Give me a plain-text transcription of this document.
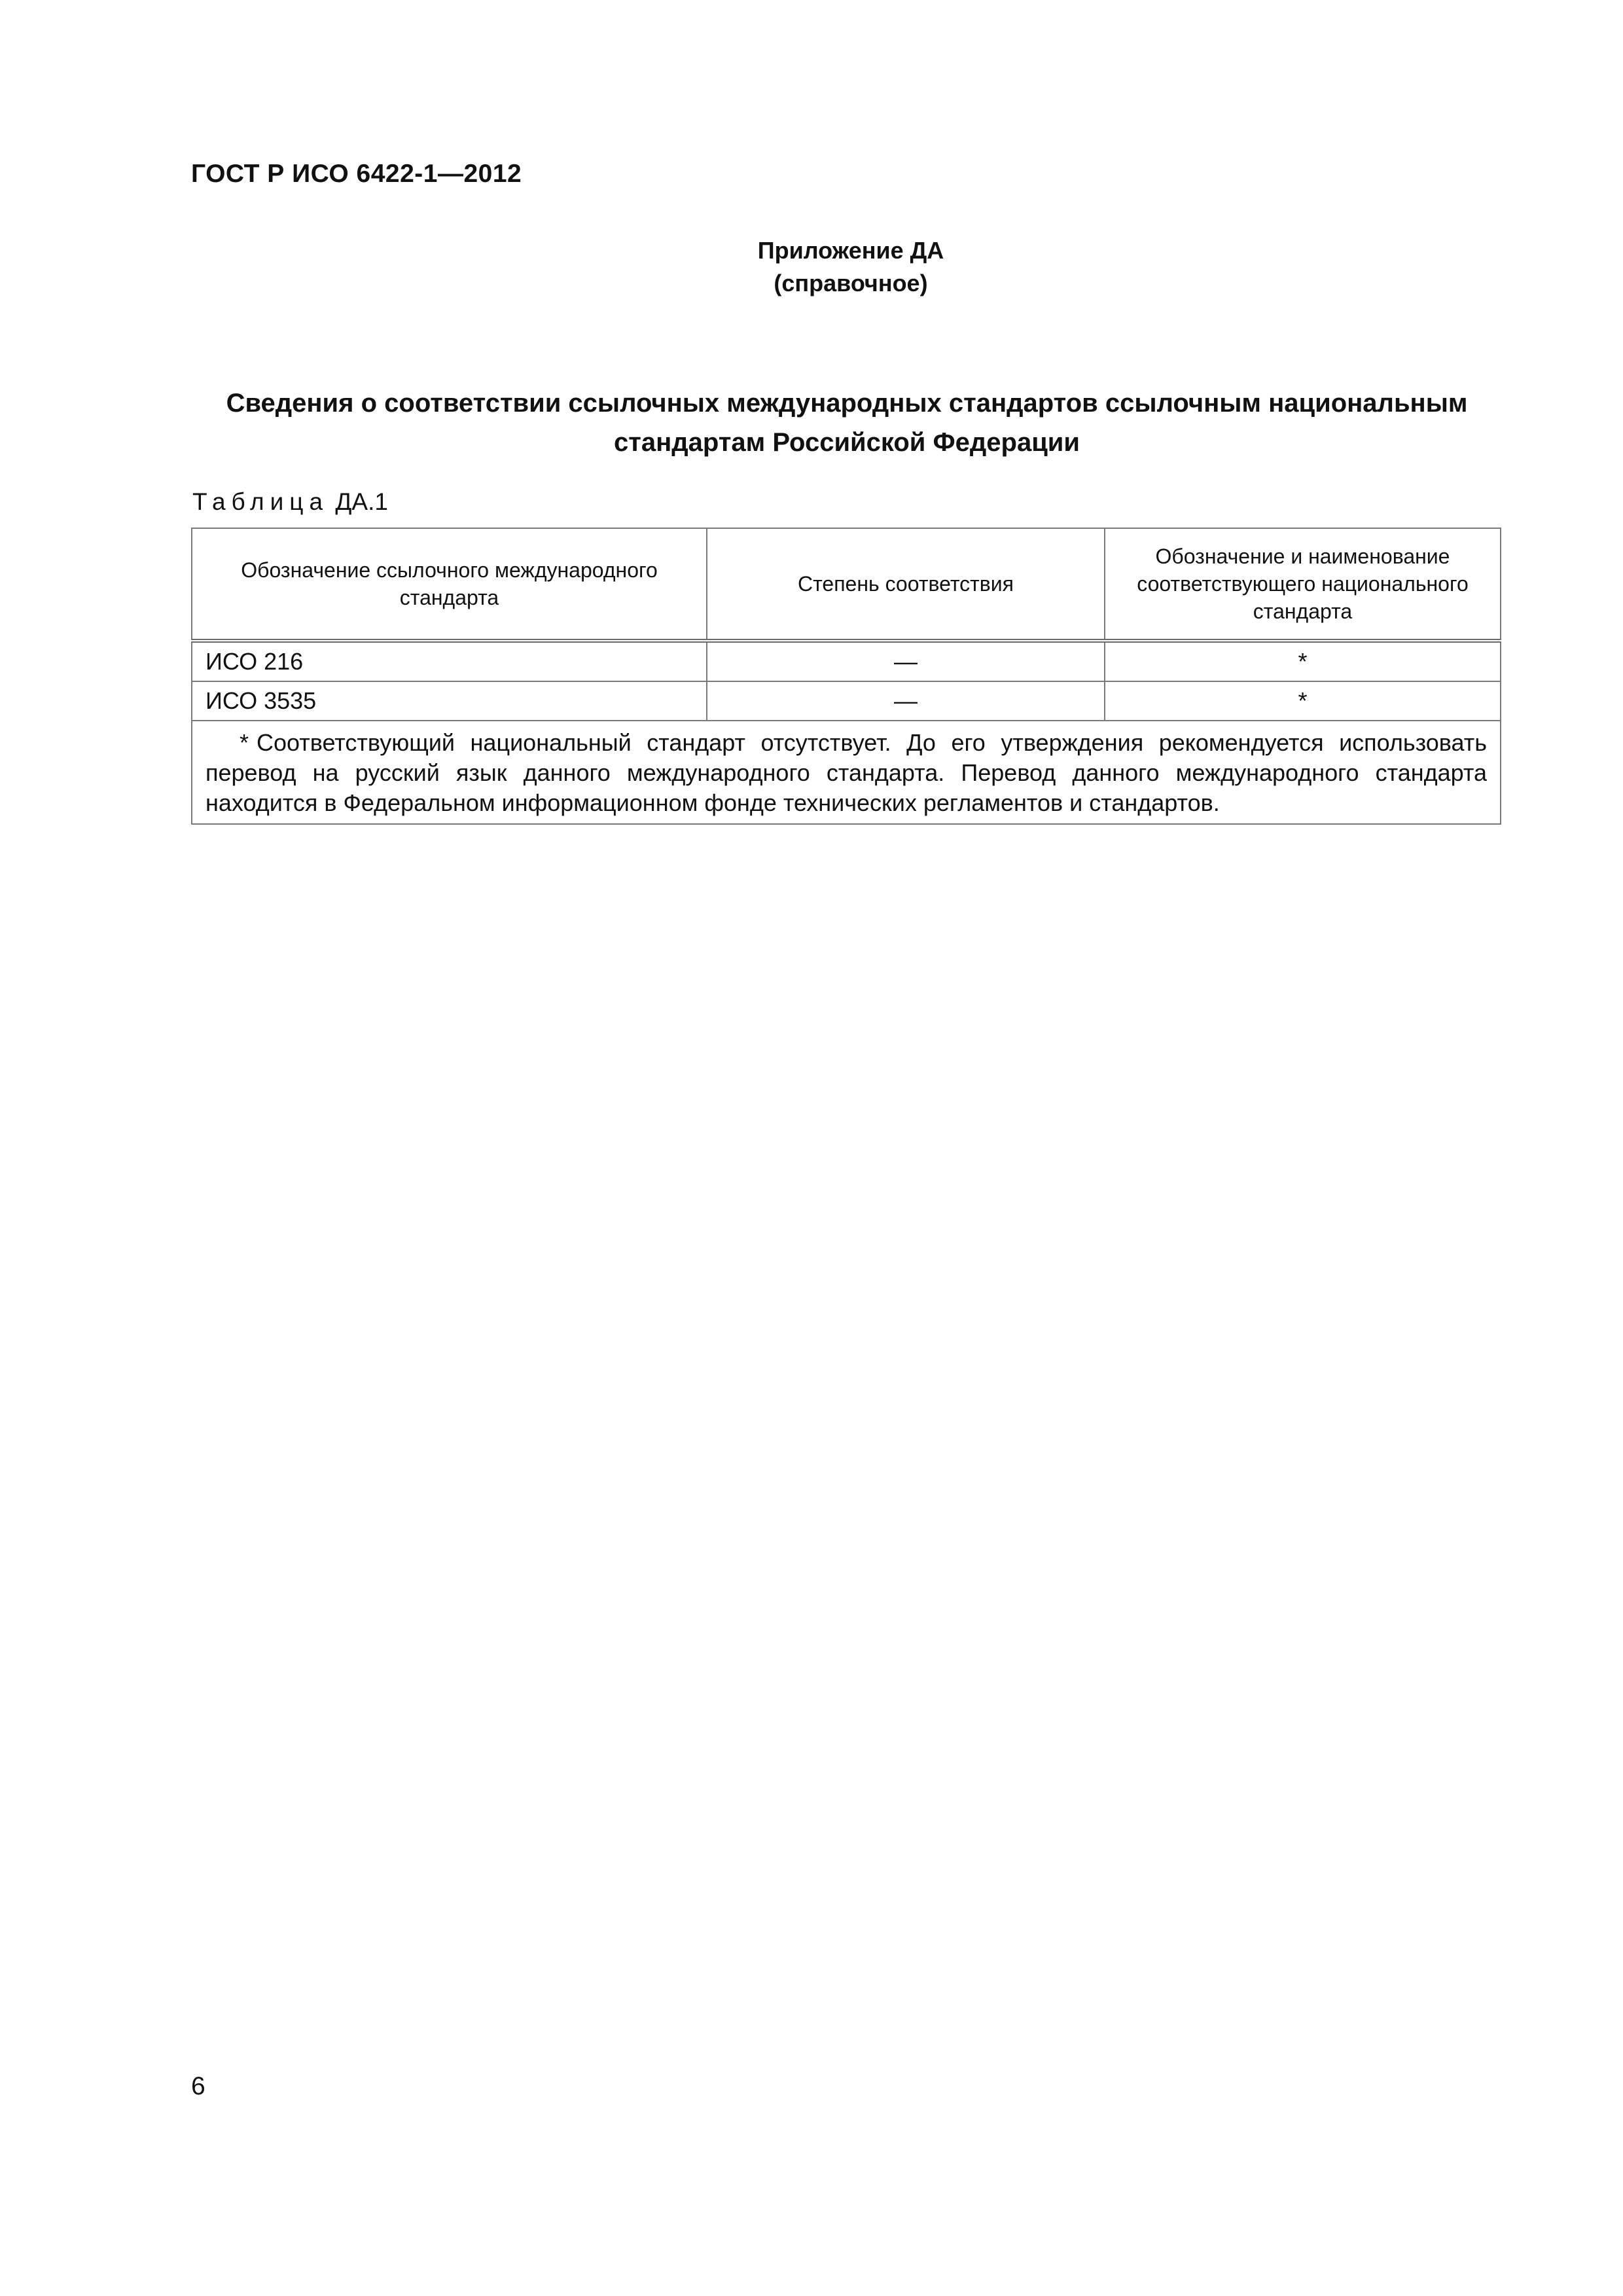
ГОСТ Р ИСО 6422-1—2012
Приложение ДА
(справочное)
Сведения о соответствии ссылочных международных стандартов ссылочным национальным
стандартам Российской Федерации
Таблица ДА.1
Обозначение ссылочного международного стандарта	Степень соответствия	Обозначение и наименование соответствующего национального стандарта
ИСО 216	—	*
ИСО 3535	—	*
* Соответствующий национальный стандарт отсутствует. До его утверждения рекомендуется использовать перевод на русский язык данного международного стандарта. Перевод данного международного стандарта находится в Федеральном информационном фонде технических регламентов и стандартов.		
6
